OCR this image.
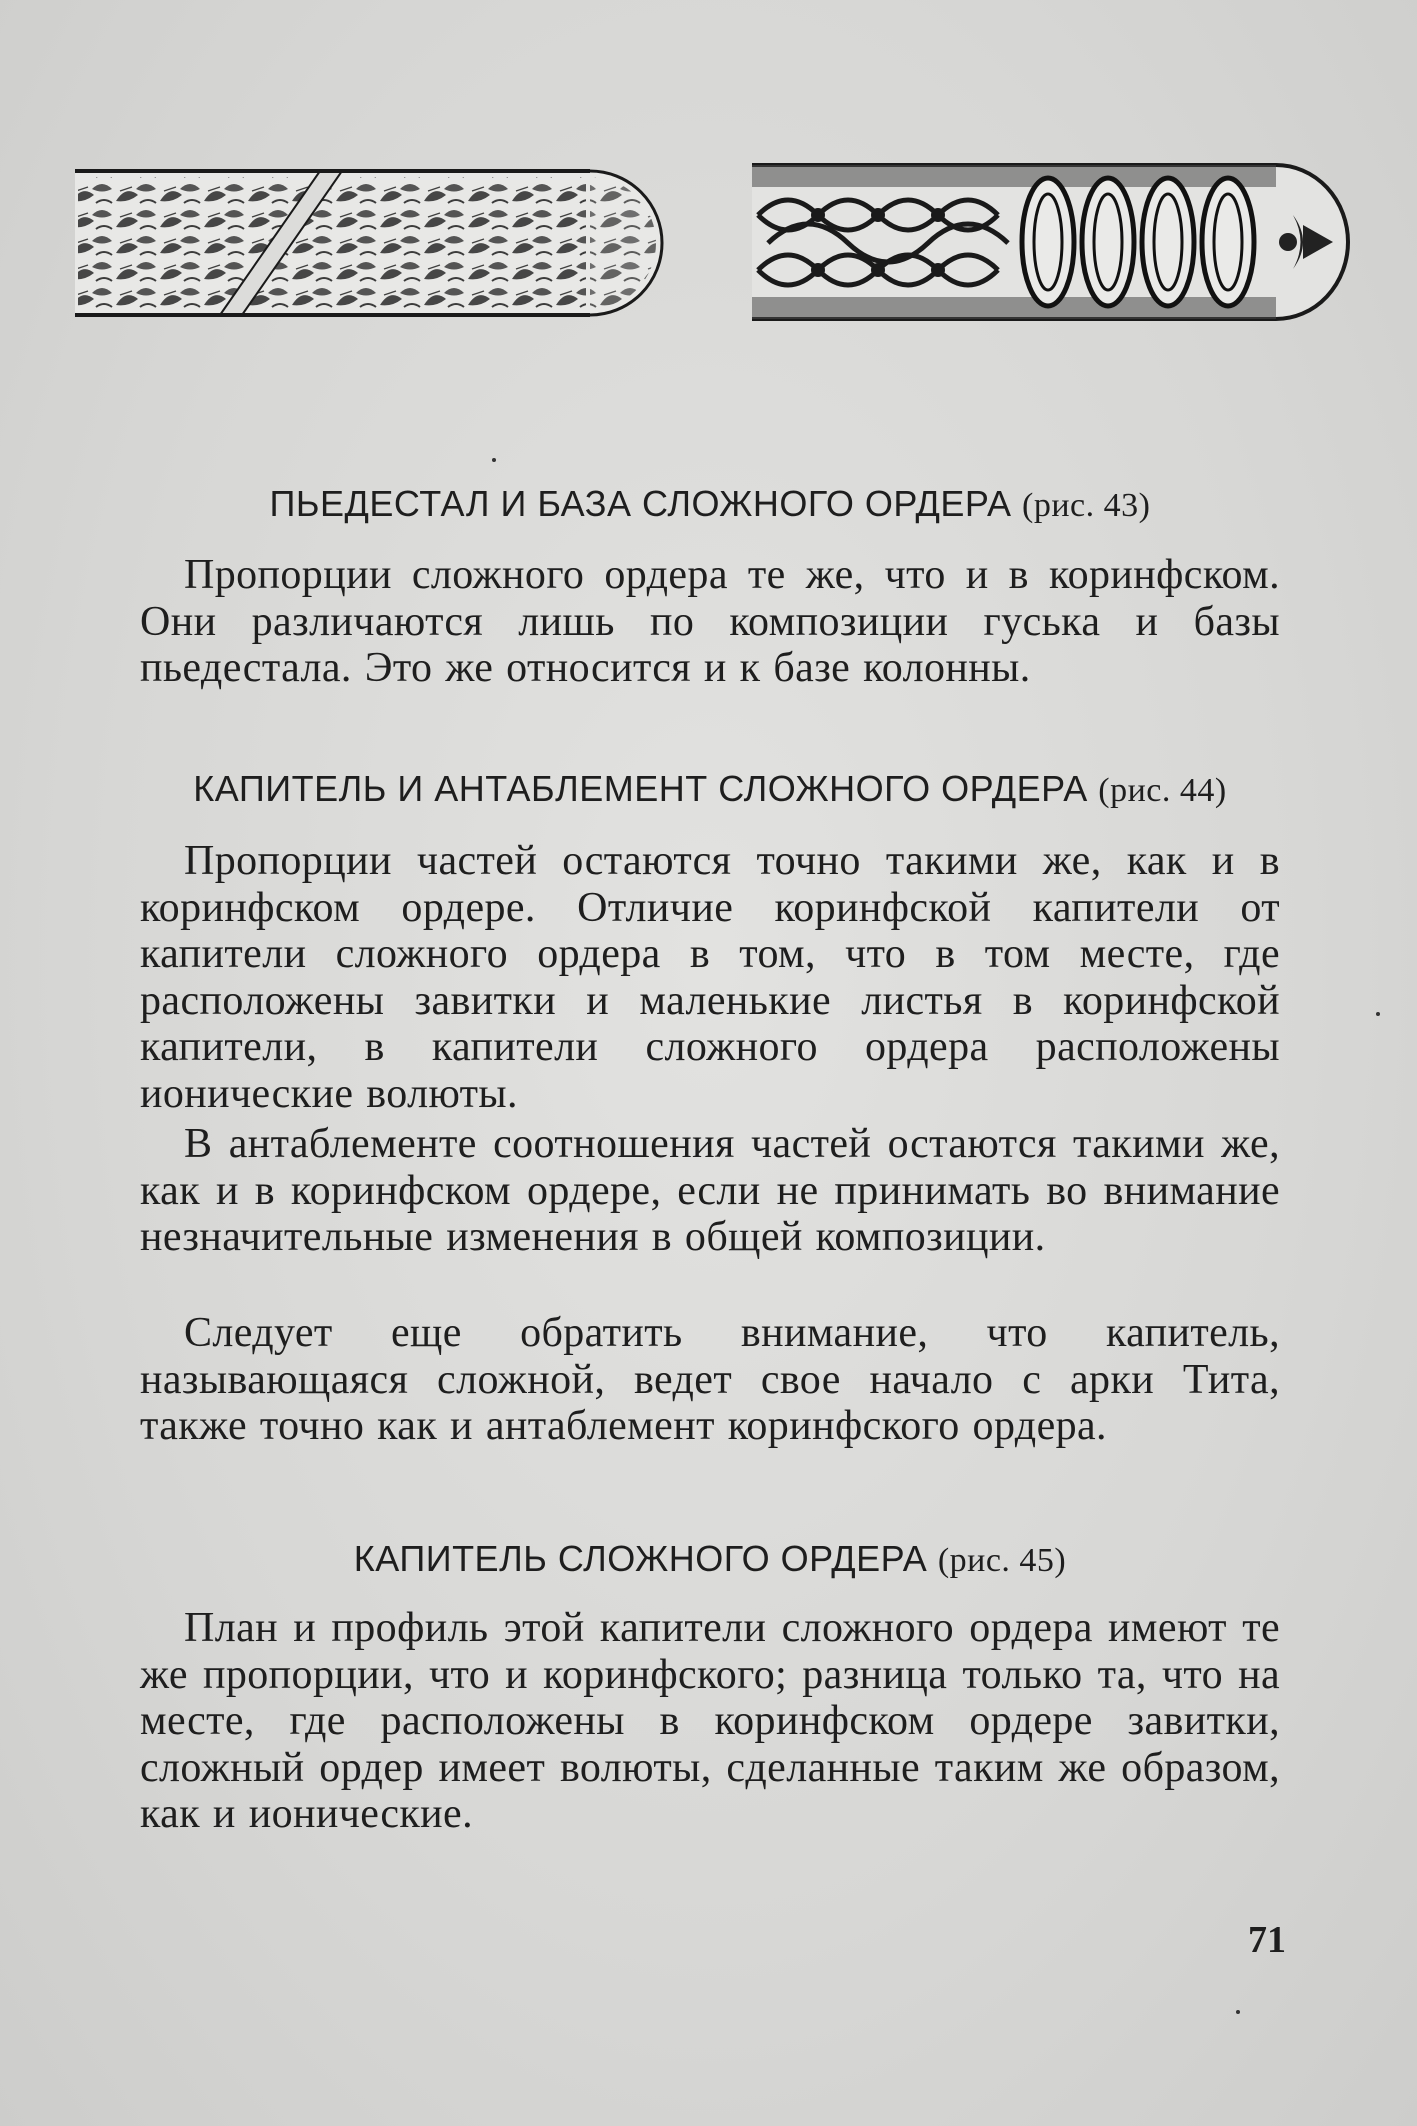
ПЬЕДЕСТАЛ И БАЗА СЛОЖНОГО ОРДЕРА (рис. 43)
Пропорции сложного ордера те же, что и в коринфском. Они различаются лишь по композиции гуська и базы пьедестала. Это же относится и к базе колонны.
КАПИТЕЛЬ И АНТАБЛЕМЕНТ СЛОЖНОГО ОРДЕРА (рис. 44)
Пропорции частей остаются точно такими же, как и в коринфском ордере. Отличие коринфской капители от капители сложного ордера в том, что в том месте, где расположены завитки и маленькие листья в коринфской капители, в капители сложного ордера расположены ионические волюты.
В антаблементе соотношения частей остаются такими же, как и в коринфском ордере, если не принимать во внимание незначительные изменения в общей композиции.
Следует еще обратить внимание, что капитель, называющаяся сложной, ведет свое начало с арки Тита, также точно как и антаблемент коринфского ордера.
КАПИТЕЛЬ СЛОЖНОГО ОРДЕРА (рис. 45)
План и профиль этой капители сложного ордера имеют те же пропорции, что и коринфского; разница только та, что на месте, где расположены в коринфском ордере завитки, сложный ордер имеет волюты, сделанные таким же образом, как и ионические.
71
